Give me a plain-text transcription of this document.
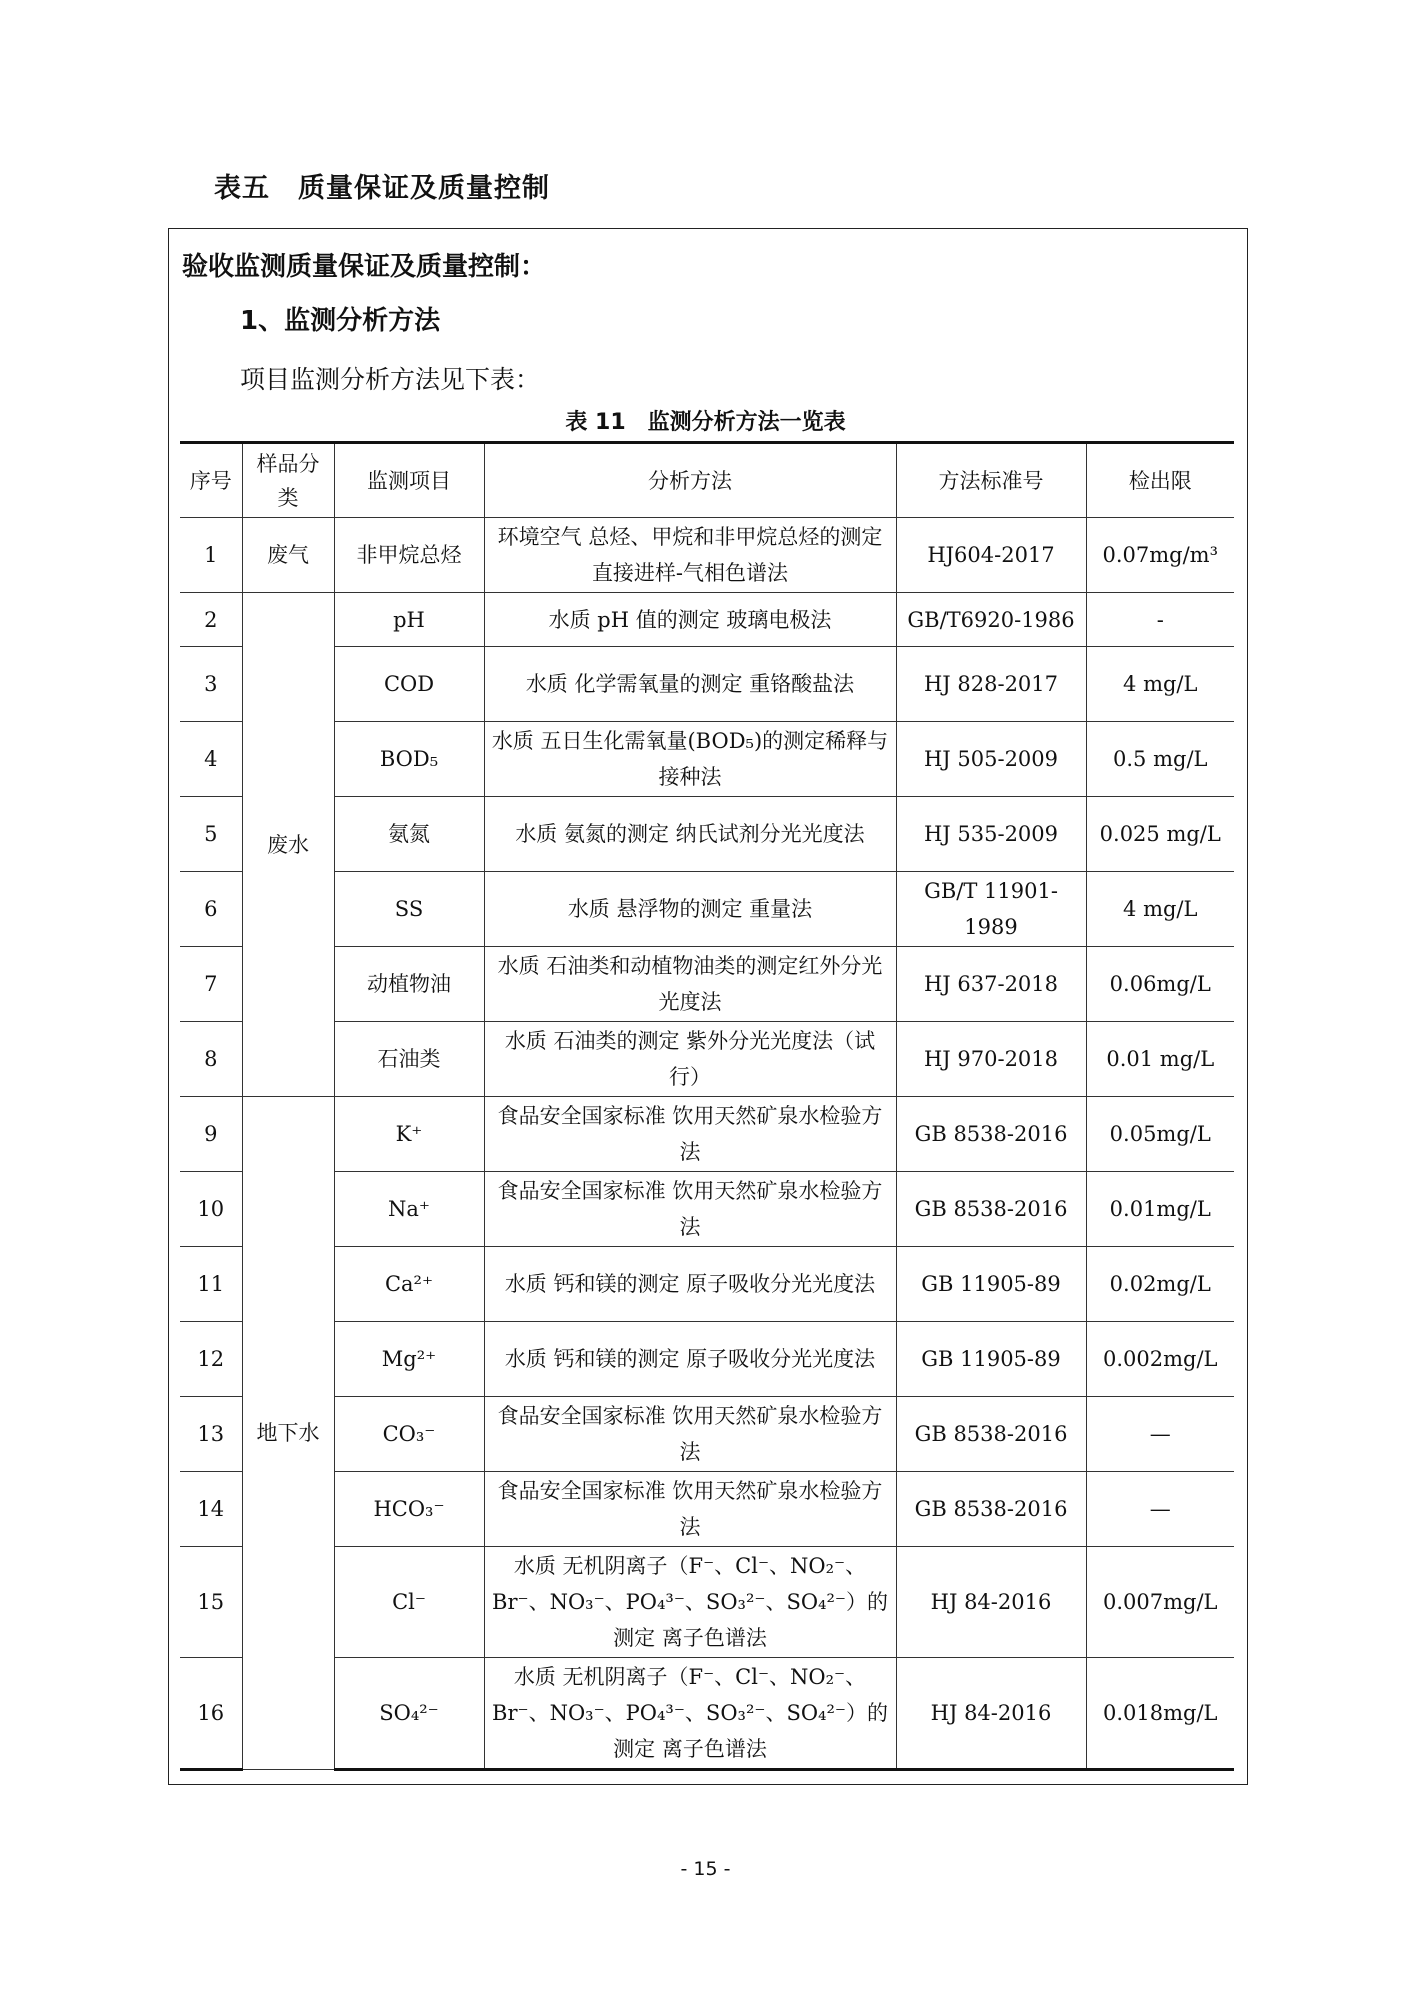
表五　质量保证及质量控制
验收监测质量保证及质量控制：
1、监测分析方法
项目监测分析方法见下表：
表 11　监测分析方法一览表
序号	样品分类	监测项目	分析方法	方法标准号	检出限
1	废气	非甲烷总烃	环境空气 总烃、甲烷和非甲烷总烃的测定　直接进样-气相色谱法	HJ604-2017	0.07mg/m³
2	废水	pH	水质 pH 值的测定 玻璃电极法	GB/T6920-1986	-
3		COD	水质 化学需氧量的测定 重铬酸盐法	HJ 828-2017	4 mg/L
4		BOD₅	水质 五日生化需氧量(BOD₅)的测定稀释与接种法	HJ 505-2009	0.5 mg/L
5		氨氮	水质 氨氮的测定 纳氏试剂分光光度法	HJ 535-2009	0.025 mg/L
6		SS	水质 悬浮物的测定 重量法	GB/T 11901-1989	4 mg/L
7		动植物油	水质 石油类和动植物油类的测定红外分光光度法	HJ 637-2018	0.06mg/L
8		石油类	水质 石油类的测定 紫外分光光度法（试行）	HJ 970-2018	0.01 mg/L
9	地下水	K⁺	食品安全国家标准 饮用天然矿泉水检验方法	GB 8538-2016	0.05mg/L
10		Na⁺	食品安全国家标准 饮用天然矿泉水检验方法	GB 8538-2016	0.01mg/L
11		Ca²⁺	水质 钙和镁的测定 原子吸收分光光度法	GB 11905-89	0.02mg/L
12		Mg²⁺	水质 钙和镁的测定 原子吸收分光光度法	GB 11905-89	0.002mg/L
13		CO₃⁻	食品安全国家标准 饮用天然矿泉水检验方法	GB 8538-2016	—
14		HCO₃⁻	食品安全国家标准 饮用天然矿泉水检验方法	GB 8538-2016	—
15		Cl⁻	水质 无机阴离子（F⁻、Cl⁻、NO₂⁻、Br⁻、NO₃⁻、PO₄³⁻、SO₃²⁻、SO₄²⁻）的测定 离子色谱法	HJ 84-2016	0.007mg/L
16		SO₄²⁻	水质 无机阴离子（F⁻、Cl⁻、NO₂⁻、Br⁻、NO₃⁻、PO₄³⁻、SO₃²⁻、SO₄²⁻）的测定 离子色谱法	HJ 84-2016	0.018mg/L
- 15 -
